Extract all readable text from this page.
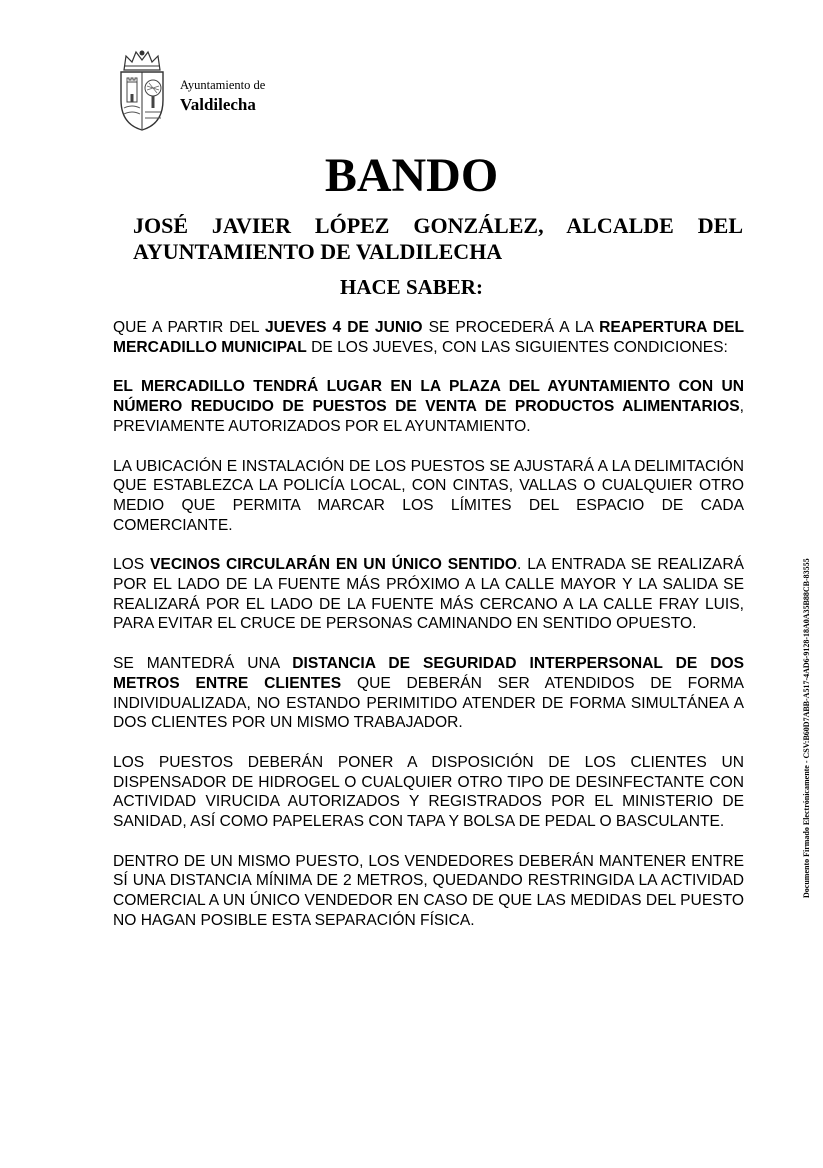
Ayuntamiento de
Valdilecha
BANDO
JOSÉ JAVIER LÓPEZ GONZÁLEZ, ALCALDE DEL AYUNTAMIENTO DE VALDILECHA
HACE SABER:

QUE A PARTIR DEL JUEVES 4 DE JUNIO SE PROCEDERÁ A LA REAPERTURA DEL MERCADILLO MUNICIPAL DE LOS JUEVES, CON LAS SIGUIENTES CONDICIONES:

EL MERCADILLO TENDRÁ LUGAR EN LA PLAZA DEL AYUNTAMIENTO CON UN NÚMERO REDUCIDO DE PUESTOS DE VENTA DE PRODUCTOS ALIMENTARIOS, PREVIAMENTE AUTORIZADOS POR EL AYUNTAMIENTO.

LA UBICACIÓN E INSTALACIÓN DE LOS PUESTOS SE AJUSTARÁ A LA DELIMITACIÓN QUE ESTABLEZCA LA POLICÍA LOCAL, CON CINTAS, VALLAS O CUALQUIER OTRO MEDIO QUE PERMITA MARCAR LOS LÍMITES DEL ESPACIO DE CADA COMERCIANTE.

LOS VECINOS CIRCULARÁN EN UN ÚNICO SENTIDO. LA ENTRADA SE REALIZARÁ POR EL LADO DE LA FUENTE MÁS PRÓXIMO A LA CALLE MAYOR Y LA SALIDA SE REALIZARÁ POR EL LADO DE LA FUENTE MÁS CERCANO A LA CALLE FRAY LUIS, PARA EVITAR EL CRUCE DE PERSONAS CAMINANDO EN SENTIDO OPUESTO.

SE MANTEDRÁ UNA DISTANCIA DE SEGURIDAD INTERPERSONAL DE DOS METROS ENTRE CLIENTES QUE DEBERÁN SER ATENDIDOS DE FORMA INDIVIDUALIZADA, NO ESTANDO PERIMITIDO ATENDER DE FORMA SIMULTÁNEA A DOS CLIENTES POR UN MISMO TRABAJADOR.

LOS PUESTOS DEBERÁN PONER A DISPOSICIÓN DE LOS CLIENTES UN DISPENSADOR DE HIDROGEL O CUALQUIER OTRO TIPO DE DESINFECTANTE CON ACTIVIDAD VIRUCIDA AUTORIZADOS Y REGISTRADOS POR EL MINISTERIO DE SANIDAD, ASÍ COMO PAPELERAS CON TAPA Y BOLSA DE PEDAL O BASCULANTE.

DENTRO DE UN MISMO PUESTO, LOS VENDEDORES DEBERÁN MANTENER ENTRE SÍ UNA DISTANCIA MÍNIMA DE 2 METROS, QUEDANDO RESTRINGIDA LA ACTIVIDAD COMERCIAL A UN ÚNICO VENDEDOR EN CASO DE QUE LAS MEDIDAS DEL PUESTO NO HAGAN POSIBLE ESTA SEPARACIÓN FÍSICA.

Documento Firmado Electrónicamente - CSV:B60D7ABB-A517-4AD6-9128-18A0A35B88CB-83555
